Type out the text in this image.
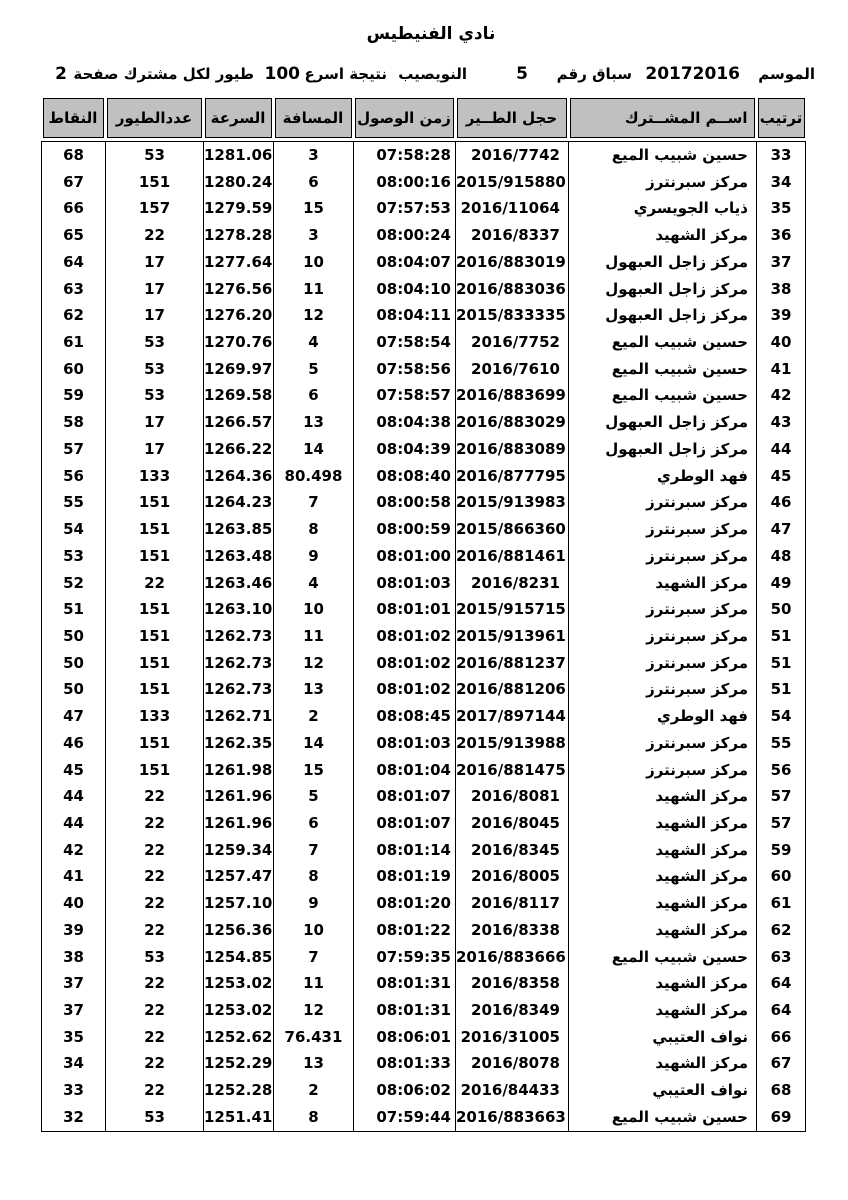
نادي الفنيطيس
الموسم
20172016
سباق رقم
5
النويصيب
نتيجة اسرع
100
طيور لكل مشترك صفحة
2
ترتيب
اســم المشــترك
حجل الطــير
زمن الوصول
المسافة
السرعة
عددالطيور
النقاط
33
حسين شبيب الميع
2016/7742
07:58:28
3
1281.06
53
68
34
مركز سبرنترز
2015/915880
08:00:16
6
1280.24
151
67
35
ذياب الجويسري
2016/11064
07:57:53
15
1279.59
157
66
36
مركز الشهيد
2016/8337
08:00:24
3
1278.28
22
65
37
مركز زاجل العبهول
2016/883019
08:04:07
10
1277.64
17
64
38
مركز زاجل العبهول
2016/883036
08:04:10
11
1276.56
17
63
39
مركز زاجل العبهول
2015/833335
08:04:11
12
1276.20
17
62
40
حسين شبيب الميع
2016/7752
07:58:54
4
1270.76
53
61
41
حسين شبيب الميع
2016/7610
07:58:56
5
1269.97
53
60
42
حسين شبيب الميع
2016/883699
07:58:57
6
1269.58
53
59
43
مركز زاجل العبهول
2016/883029
08:04:38
13
1266.57
17
58
44
مركز زاجل العبهول
2016/883089
08:04:39
14
1266.22
17
57
45
فهد الوطري
2016/877795
08:08:40
80.498
1264.36
133
56
46
مركز سبرنترز
2015/913983
08:00:58
7
1264.23
151
55
47
مركز سبرنترز
2015/866360
08:00:59
8
1263.85
151
54
48
مركز سبرنترز
2016/881461
08:01:00
9
1263.48
151
53
49
مركز الشهيد
2016/8231
08:01:03
4
1263.46
22
52
50
مركز سبرنترز
2015/915715
08:01:01
10
1263.10
151
51
51
مركز سبرنترز
2015/913961
08:01:02
11
1262.73
151
50
51
مركز سبرنترز
2016/881237
08:01:02
12
1262.73
151
50
51
مركز سبرنترز
2016/881206
08:01:02
13
1262.73
151
50
54
فهد الوطري
2017/897144
08:08:45
2
1262.71
133
47
55
مركز سبرنترز
2015/913988
08:01:03
14
1262.35
151
46
56
مركز سبرنترز
2016/881475
08:01:04
15
1261.98
151
45
57
مركز الشهيد
2016/8081
08:01:07
5
1261.96
22
44
57
مركز الشهيد
2016/8045
08:01:07
6
1261.96
22
44
59
مركز الشهيد
2016/8345
08:01:14
7
1259.34
22
42
60
مركز الشهيد
2016/8005
08:01:19
8
1257.47
22
41
61
مركز الشهيد
2016/8117
08:01:20
9
1257.10
22
40
62
مركز الشهيد
2016/8338
08:01:22
10
1256.36
22
39
63
حسين شبيب الميع
2016/883666
07:59:35
7
1254.85
53
38
64
مركز الشهيد
2016/8358
08:01:31
11
1253.02
22
37
64
مركز الشهيد
2016/8349
08:01:31
12
1253.02
22
37
66
نواف العتيبي
2016/31005
08:06:01
76.431
1252.62
22
35
67
مركز الشهيد
2016/8078
08:01:33
13
1252.29
22
34
68
نواف العتيبي
2016/84433
08:06:02
2
1252.28
22
33
69
حسين شبيب الميع
2016/883663
07:59:44
8
1251.41
53
32
